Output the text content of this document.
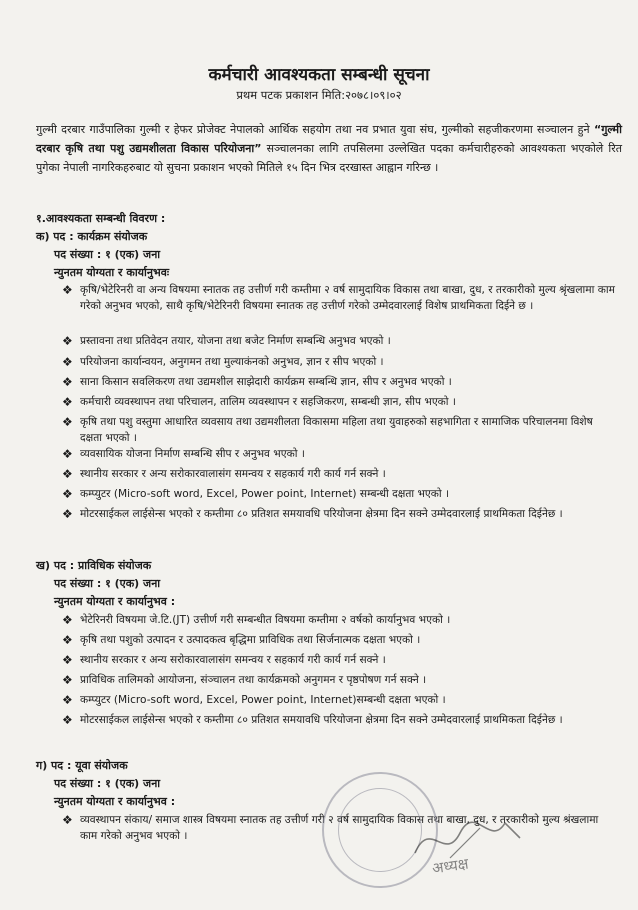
कर्मचारी आवश्यकता सम्बन्धी सूचना
प्रथम पटक प्रकाशन मिति:२०७८।०९।०२
गुल्मी दरबार गाउँपालिका गुल्मी र हेफर प्रोजेक्ट नेपालको आर्थिक सहयोग तथा नव प्रभात युवा संघ, गुल्मीको सहजीकरणमा सञ्चालन हुने “गुल्मी दरबार कृषि तथा पशु उद्यमशीलता विकास परियोजना” सञ्चालनका लागि तपसिलमा उल्लेखित पदका कर्मचारीहरुको आवश्यकता भएकोले रित पुगेका नेपाली नागरिकहरुबाट यो सुचना प्रकाशन भएको मितिले १५ दिन भित्र दरखास्त आह्वान गरिन्छ ।
१.आवश्यकता सम्बन्धी विवरण :
क) पद : कार्यक्रम संयोजक
पद संख्या : १ (एक) जना
न्युनतम योग्यता र कार्यानुभवः
❖ कृषि/भेटेरिनरी वा अन्य विषयमा स्नातक तह उत्तीर्ण गरी कम्तीमा २ वर्ष सामुदायिक विकास तथा बाखा, दुध, र तरकारीको मुल्य श्रृंखलामा काम गरेको अनुभव भएको, साथै कृषि/भेटेरिनरी विषयमा स्नातक तह उत्तीर्ण गरेको उम्मेदवारलाई विशेष प्राथमिकता दिईने छ ।
❖ प्रस्तावना तथा प्रतिवेदन तयार, योजना तथा बजेट निर्माण सम्बन्धि अनुभव भएको ।
❖ परियोजना कार्यान्वयन, अनुगमन तथा मुल्याकंनको अनुभव, ज्ञान र सीप भएको ।
❖ साना किसान सवलिकरण तथा उद्यमशील साझेदारी कार्यक्रम सम्बन्धि ज्ञान, सीप र अनुभव भएको ।
❖ कर्मचारी व्यवस्थापन तथा परिचालन, तालिम व्यवस्थापन र सहजिकरण, सम्बन्धी ज्ञान, सीप भएको ।
❖ कृषि तथा पशु वस्तुमा आधारित व्यवसाय तथा उद्यमशीलता विकासमा महिला तथा युवाहरुको सहभागिता र सामाजिक परिचालनमा विशेष दक्षता भएको ।
❖ व्यवसायिक योजना निर्माण सम्बन्धि सीप र अनुभव भएको ।
❖ स्थानीय सरकार र अन्य सरोकारवालासंग समन्वय र सहकार्य गरी कार्य गर्न सक्ने ।
❖ कम्प्युटर (Micro-soft word, Excel, Power point, Internet) सम्बन्धी दक्षता भएको ।
❖ मोटरसाईकल लाईसेन्स भएको र कम्तीमा ८० प्रतिशत समयावधि परियोजना क्षेत्रमा दिन सक्ने उम्मेदवारलाई प्राथमिकता दिईनेछ ।
ख) पद : प्राविधिक संयोजक
पद संख्या : १ (एक) जना
न्युनतम योग्यता र कार्यानुभव :
❖ भेटेरिनरी विषयमा जे.टि.(JT) उत्तीर्ण गरी सम्बन्धीत विषयमा कम्तीमा २ वर्षको कार्यानुभव भएको ।
❖ कृषि तथा पशुको उत्पादन र उत्पादकत्व बृद्धिमा प्राविधिक तथा सिर्जनात्मक दक्षता भएको ।
❖ स्थानीय सरकार र अन्य सरोकारवालासंग समन्वय र सहकार्य गरी कार्य गर्न सक्ने ।
❖ प्राविधिक तालिमको आयोजना, संञ्चालन तथा कार्यक्रमको अनुगमन र पृष्ठपोषण गर्न सक्ने ।
❖ कम्प्युटर (Micro-soft word, Excel, Power point, Internet)सम्बन्धी दक्षता भएको ।
❖ मोटरसाईकल लाईसेन्स भएको र कम्तीमा ८० प्रतिशत समयावधि परियोजना क्षेत्रमा दिन सक्ने उम्मेदवारलाई प्राथमिकता दिईनेछ ।
ग) पद : यूवा संयोजक
पद संख्या : १ (एक) जना
न्युनतम योग्यता र कार्यानुभव :
❖ व्यवस्थापन संकाय/ समाज शास्त्र विषयमा स्नातक तह उत्तीर्ण गरी २ वर्ष सामुदायिक विकास तथा बाखा, दुध, र तरकारीको मुल्य श्रंखलामा काम गरेको अनुभव भएको ।
अध्यक्ष
